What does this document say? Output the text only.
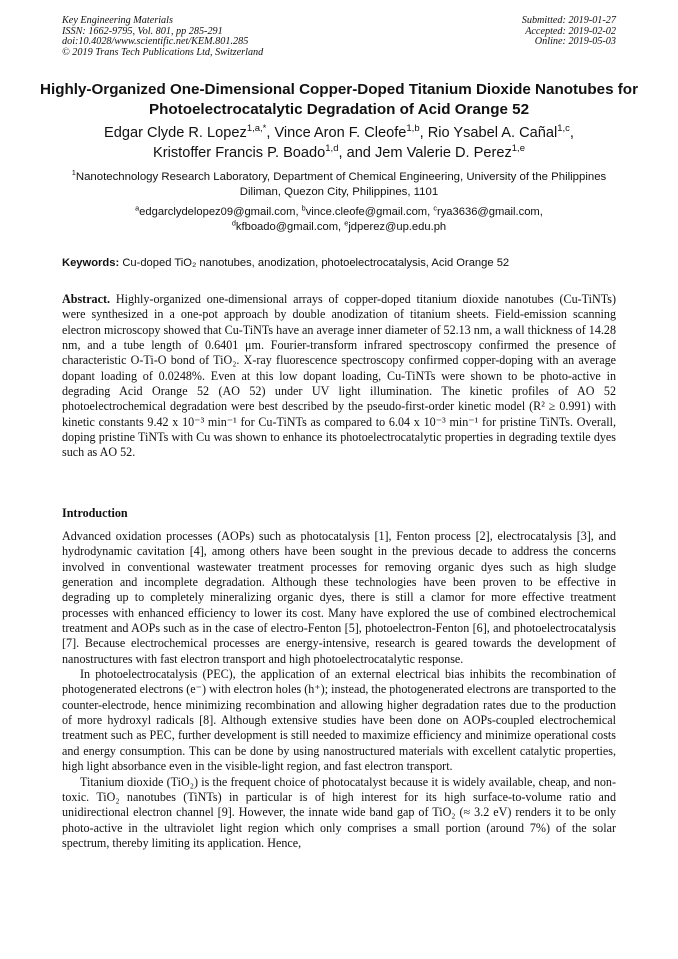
Key Engineering Materials
ISSN: 1662-9795, Vol. 801, pp 285-291
doi:10.4028/www.scientific.net/KEM.801.285
© 2019 Trans Tech Publications Ltd, Switzerland
Submitted: 2019-01-27
Accepted: 2019-02-02
Online: 2019-05-03
Highly-Organized One-Dimensional Copper-Doped Titanium Dioxide Nanotubes for Photoelectrocatalytic Degradation of Acid Orange 52
Edgar Clyde R. Lopez$^{1,a,*}$, Vince Aron F. Cleofe$^{1,b}$, Rio Ysabel A. Cañal$^{1,c}$,
Kristoffer Francis P. Boado$^{1,d}$, and Jem Valerie D. Perez$^{1,e}$
$^1$Nanotechnology Research Laboratory, Department of Chemical Engineering, University of the Philippines Diliman, Quezon City, Philippines, 1101
$^a$edgarclydelopez09@gmail.com, $^b$vince.cleofe@gmail.com, $^c$rya3636@gmail.com,
$^d$kfboado@gmail.com, $^e$jdperez@up.edu.ph
Keywords: Cu-doped TiO₂ nanotubes, anodization, photoelectrocatalysis, Acid Orange 52

Abstract. Highly-organized one-dimensional arrays of copper-doped titanium dioxide nanotubes (Cu-TiNTs) were synthesized in a one-pot approach by double anodization of titanium sheets. Field-emission scanning electron microscopy showed that Cu-TiNTs have an average inner diameter of 52.13 nm, a wall thickness of 14.28 nm, and a tube length of 0.6401 μm. Fourier-transform infrared spectroscopy confirmed the presence of characteristic O-Ti-O bond of TiO₂. X-ray fluorescence spectroscopy confirmed copper-doping with an average dopant loading of 0.0248%. Even at this low dopant loading, Cu-TiNTs were shown to be photo-active in degrading Acid Orange 52 (AO 52) under UV light illumination. The kinetic profiles of AO 52 photoelectrochemical degradation were best described by the pseudo-first-order kinetic model (R² ≥ 0.991) with kinetic constants 9.42 x 10⁻³ min⁻¹ for Cu-TiNTs as compared to 6.04 x 10⁻³ min⁻¹ for pristine TiNTs. Overall, doping pristine TiNTs with Cu was shown to enhance its photoelectrocatalytic properties in degrading textile dyes such as AO 52.

Introduction

Advanced oxidation processes (AOPs) such as photocatalysis [1], Fenton process [2], electrocatalysis [3], and hydrodynamic cavitation [4], among others have been sought in the previous decade to address the concerns involved in conventional wastewater treatment processes for removing organic dyes such as high sludge generation and incomplete degradation. Although these technologies have been proven to be effective in degrading up to completely mineralizing organic dyes, there is still a clamor for more effective treatment processes with enhanced efficiency to lower its cost. Many have explored the use of combined electrochemical treatment and AOPs such as in the case of electro-Fenton [5], photoelectron-Fenton [6], and photoelectrocatalysis [7]. Because electrochemical processes are energy-intensive, research is geared towards the development of nanostructures with fast electron transport and high photoelectrocatalytic response.

In photoelectrocatalysis (PEC), the application of an external electrical bias inhibits the recombination of photogenerated electrons (e⁻) with electron holes (h⁺); instead, the photogenerated electrons are transported to the counter-electrode, hence minimizing recombination and allowing higher degradation rates due to the production of more hydroxyl radicals [8]. Although extensive studies have been done on AOPs-coupled electrochemical treatment such as PEC, further development is still needed to maximize efficiency and minimize operational costs and energy consumption. This can be done by using nanostructured materials with excellent catalytic properties, high light absorbance even in the visible-light region, and fast electron transport.

Titanium dioxide (TiO₂) is the frequent choice of photocatalyst because it is widely available, cheap, and non-toxic. TiO₂ nanotubes (TiNTs) in particular is of high interest for its high surface-to-volume ratio and unidirectional electron channel [9]. However, the innate wide band gap of TiO₂ (≈ 3.2 eV) renders it to be only photo-active in the ultraviolet light region which only comprises a small portion (around 7%) of the solar spectrum, thereby limiting its application. Hence,
